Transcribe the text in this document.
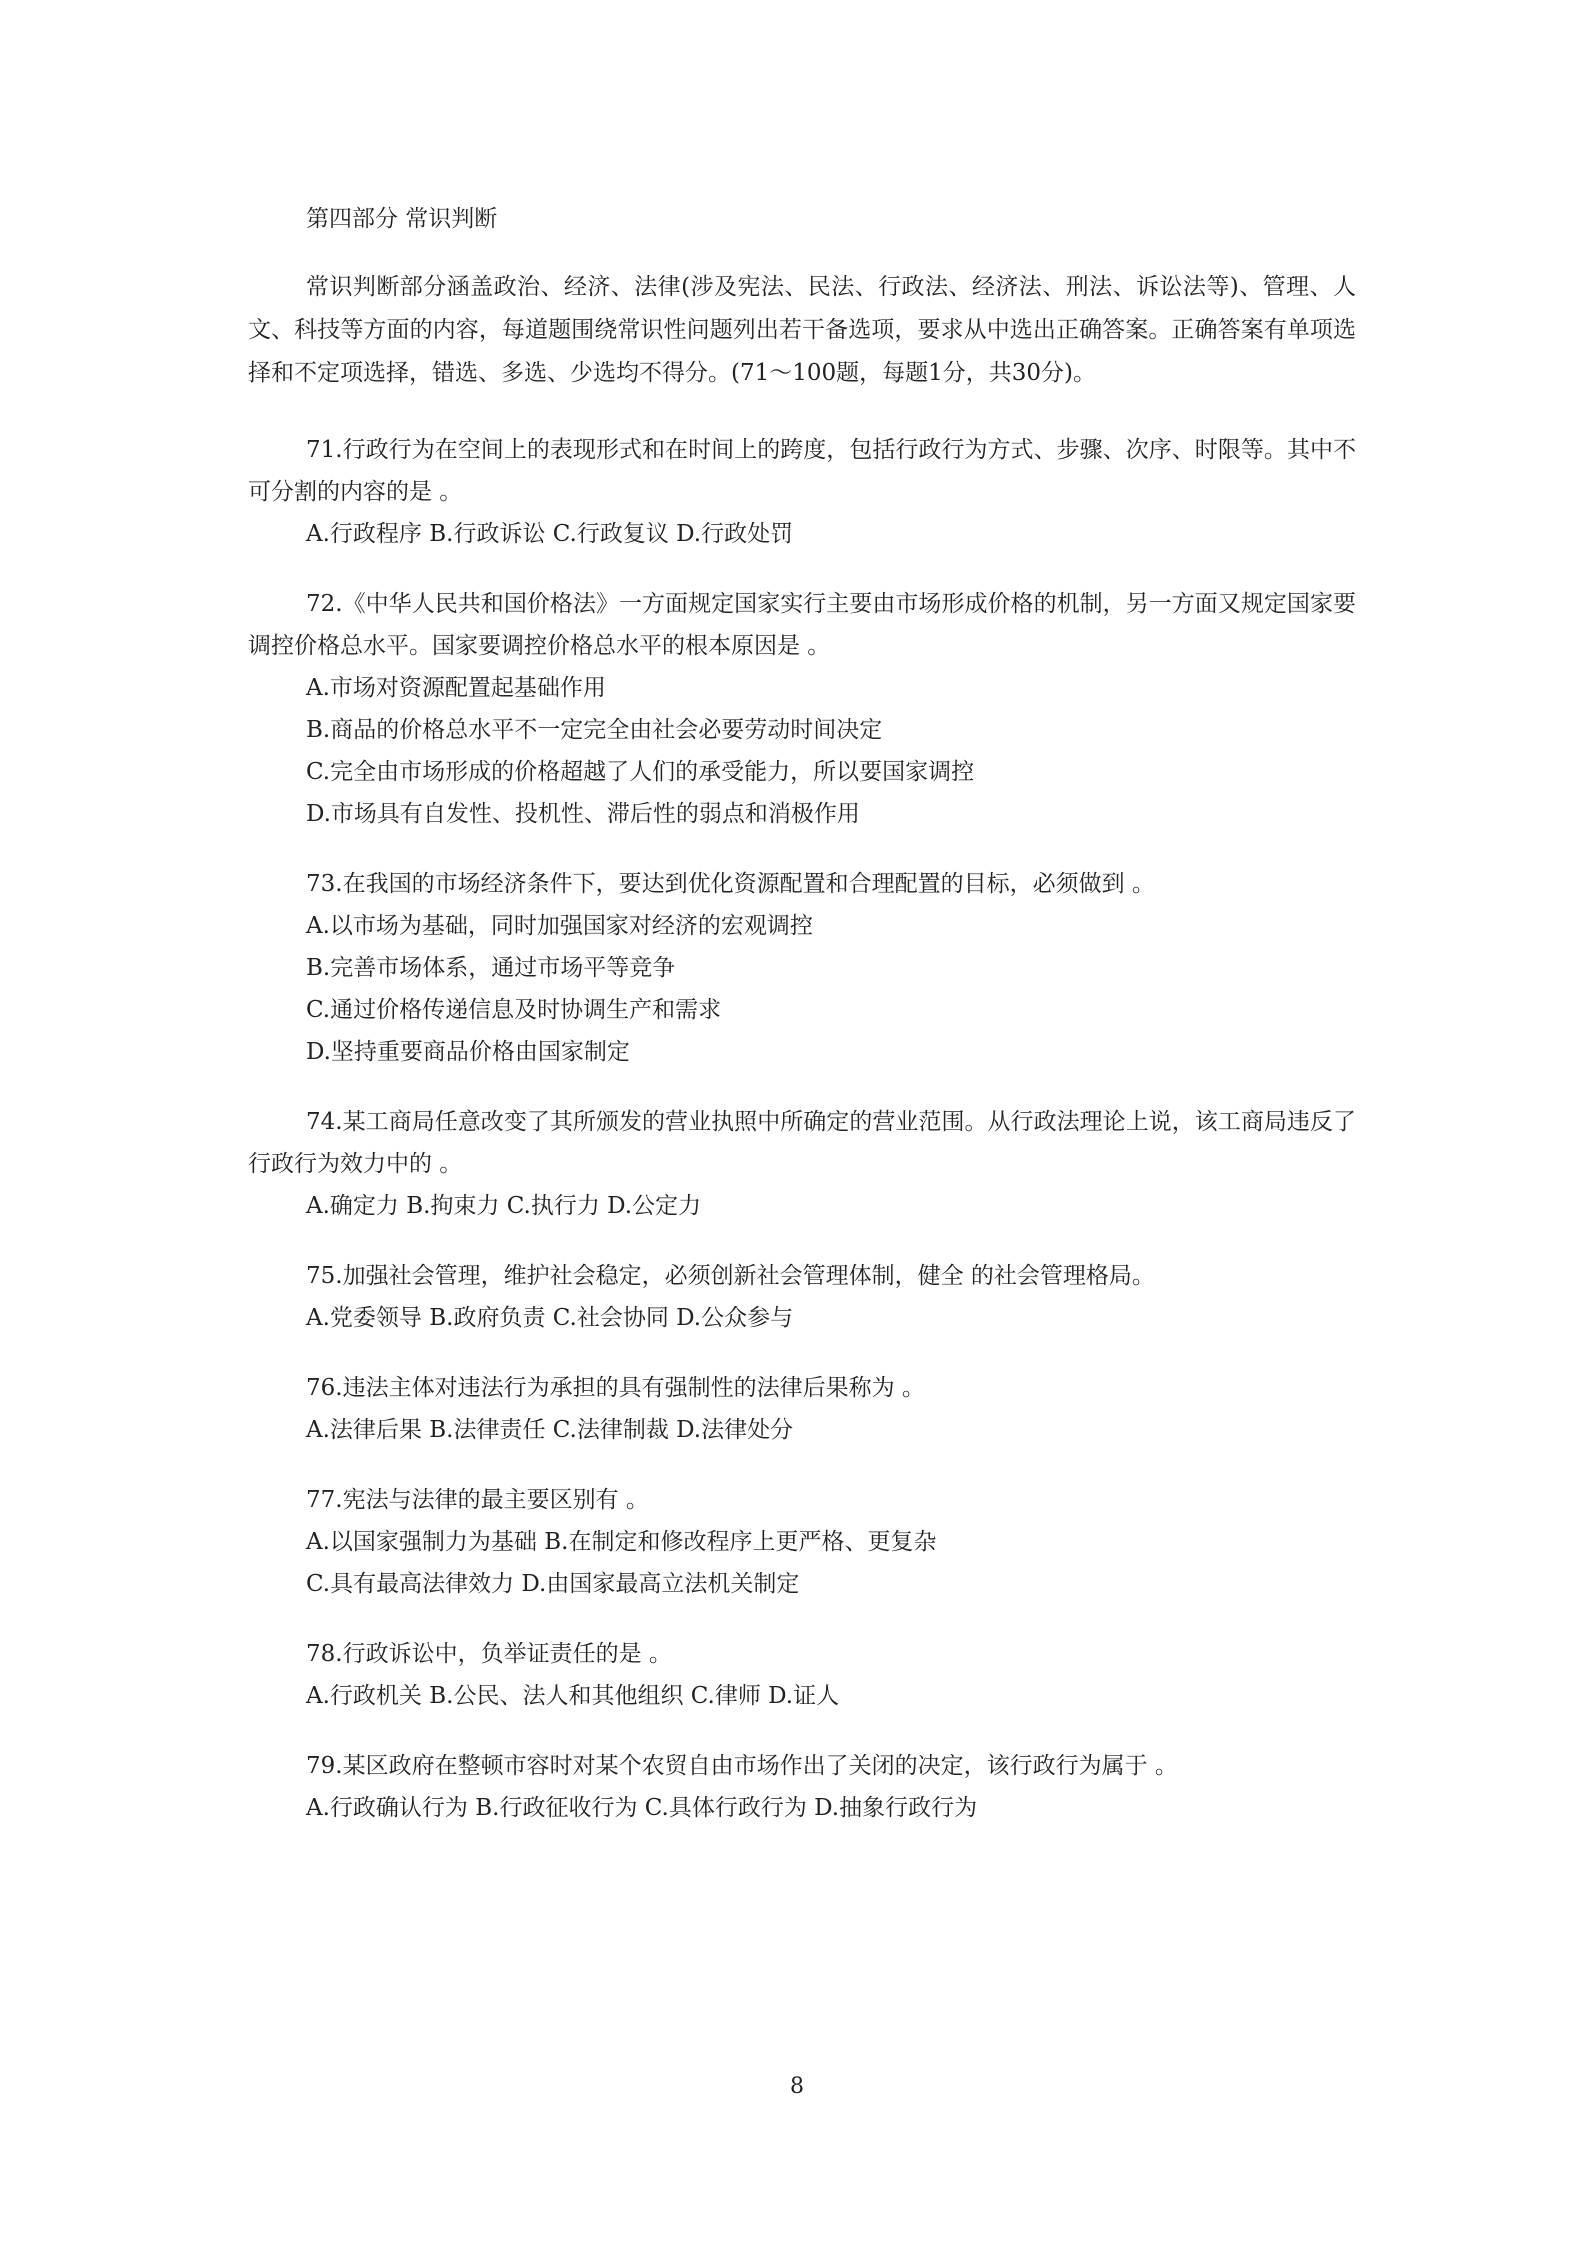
第四部分 常识判断

常识判断部分涵盖政治、经济、法律(涉及宪法、民法、行政法、经济法、刑法、诉讼法等)、管理、人文、科技等方面的内容，每道题围绕常识性问题列出若干备选项，要求从中选出正确答案。正确答案有单项选择和不定项选择，错选、多选、少选均不得分。(71～100题，每题1分，共30分)。

71.行政行为在空间上的表现形式和在时间上的跨度，包括行政行为方式、步骤、次序、时限等。其中不可分割的内容的是 。

A.行政程序 B.行政诉讼 C.行政复议 D.行政处罚

72.《中华人民共和国价格法》一方面规定国家实行主要由市场形成价格的机制，另一方面又规定国家要调控价格总水平。国家要调控价格总水平的根本原因是 。

A.市场对资源配置起基础作用
B.商品的价格总水平不一定完全由社会必要劳动时间决定
C.完全由市场形成的价格超越了人们的承受能力，所以要国家调控
D.市场具有自发性、投机性、滞后性的弱点和消极作用

73.在我国的市场经济条件下，要达到优化资源配置和合理配置的目标，必须做到 。

A.以市场为基础，同时加强国家对经济的宏观调控
B.完善市场体系，通过市场平等竞争
C.通过价格传递信息及时协调生产和需求
D.坚持重要商品价格由国家制定

74.某工商局任意改变了其所颁发的营业执照中所确定的营业范围。从行政法理论上说，该工商局违反了行政行为效力中的 。

A.确定力 B.拘束力 C.执行力 D.公定力

75.加强社会管理，维护社会稳定，必须创新社会管理体制，健全 的社会管理格局。

A.党委领导 B.政府负责 C.社会协同 D.公众参与

76.违法主体对违法行为承担的具有强制性的法律后果称为 。

A.法律后果 B.法律责任 C.法律制裁 D.法律处分

77.宪法与法律的最主要区别有 。

A.以国家强制力为基础 B.在制定和修改程序上更严格、更复杂
C.具有最高法律效力 D.由国家最高立法机关制定

78.行政诉讼中，负举证责任的是 。

A.行政机关 B.公民、法人和其他组织 C.律师 D.证人

79.某区政府在整顿市容时对某个农贸自由市场作出了关闭的决定，该行政行为属于 。

A.行政确认行为 B.行政征收行为 C.具体行政行为 D.抽象行政行为
8
